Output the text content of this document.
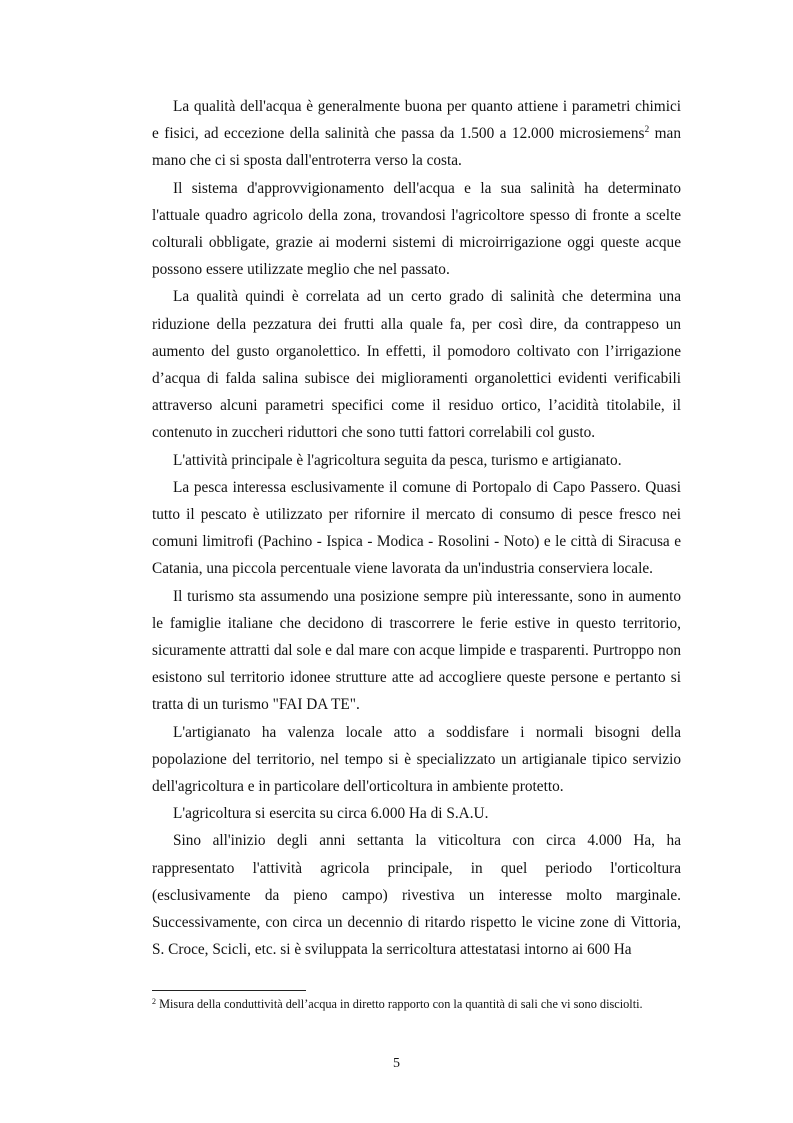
La qualità dell'acqua è generalmente buona per quanto attiene i parametri chimici e fisici, ad eccezione della salinità che passa da 1.500 a 12.000 microsiemens$^2$ man mano che ci si sposta dall'entroterra verso la costa.

Il sistema d'approvvigionamento dell'acqua e la sua salinità ha determinato l'attuale quadro agricolo della zona, trovandosi l'agricoltore spesso di fronte a scelte colturali obbligate, grazie ai moderni sistemi di microirrigazione oggi queste acque possono essere utilizzate meglio che nel passato.

La qualità quindi è correlata ad un certo grado di salinità che determina una riduzione della pezzatura dei frutti alla quale fa, per così dire, da contrappeso un aumento del gusto organolettico. In effetti, il pomodoro coltivato con l’irrigazione d’acqua di falda salina subisce dei miglioramenti organolettici evidenti verificabili attraverso alcuni parametri specifici come il residuo ortico, l’acidità titolabile, il contenuto in zuccheri riduttori che sono tutti fattori correlabili col gusto.

L'attività principale è l'agricoltura seguita da pesca, turismo e artigianato.

La pesca interessa esclusivamente il comune di Portopalo di Capo Passero. Quasi tutto il pescato è utilizzato per rifornire il mercato di consumo di pesce fresco nei comuni limitrofi (Pachino - Ispica - Modica - Rosolini - Noto) e le città di Siracusa e Catania, una piccola percentuale viene lavorata da un'industria conserviera locale.

Il turismo sta assumendo una posizione sempre più interessante, sono in aumento le famiglie italiane che decidono di trascorrere le ferie estive in questo territorio, sicuramente attratti dal sole e dal mare con acque limpide e trasparenti. Purtroppo non esistono sul territorio idonee strutture atte ad accogliere queste persone e pertanto si tratta di un turismo "FAI DA TE".

L'artigianato ha valenza locale atto a soddisfare i normali bisogni della popolazione del territorio, nel tempo si è specializzato un artigianale tipico servizio dell'agricoltura e in particolare dell'orticoltura in ambiente protetto.

L'agricoltura si esercita su circa 6.000 Ha di S.A.U.

Sino all'inizio degli anni settanta la viticoltura con circa 4.000 Ha, ha rappresentato l'attività agricola principale, in quel periodo l'orticoltura (esclusivamente da pieno campo) rivestiva un interesse molto marginale. Successivamente, con circa un decennio di ritardo rispetto le vicine zone di Vittoria, S. Croce, Scicli, etc. si è sviluppata la serricoltura attestatasi intorno ai 600 Ha

$^2$ Misura della conduttività dell’acqua in diretto rapporto con la quantità di sali che vi sono disciolti.

5
